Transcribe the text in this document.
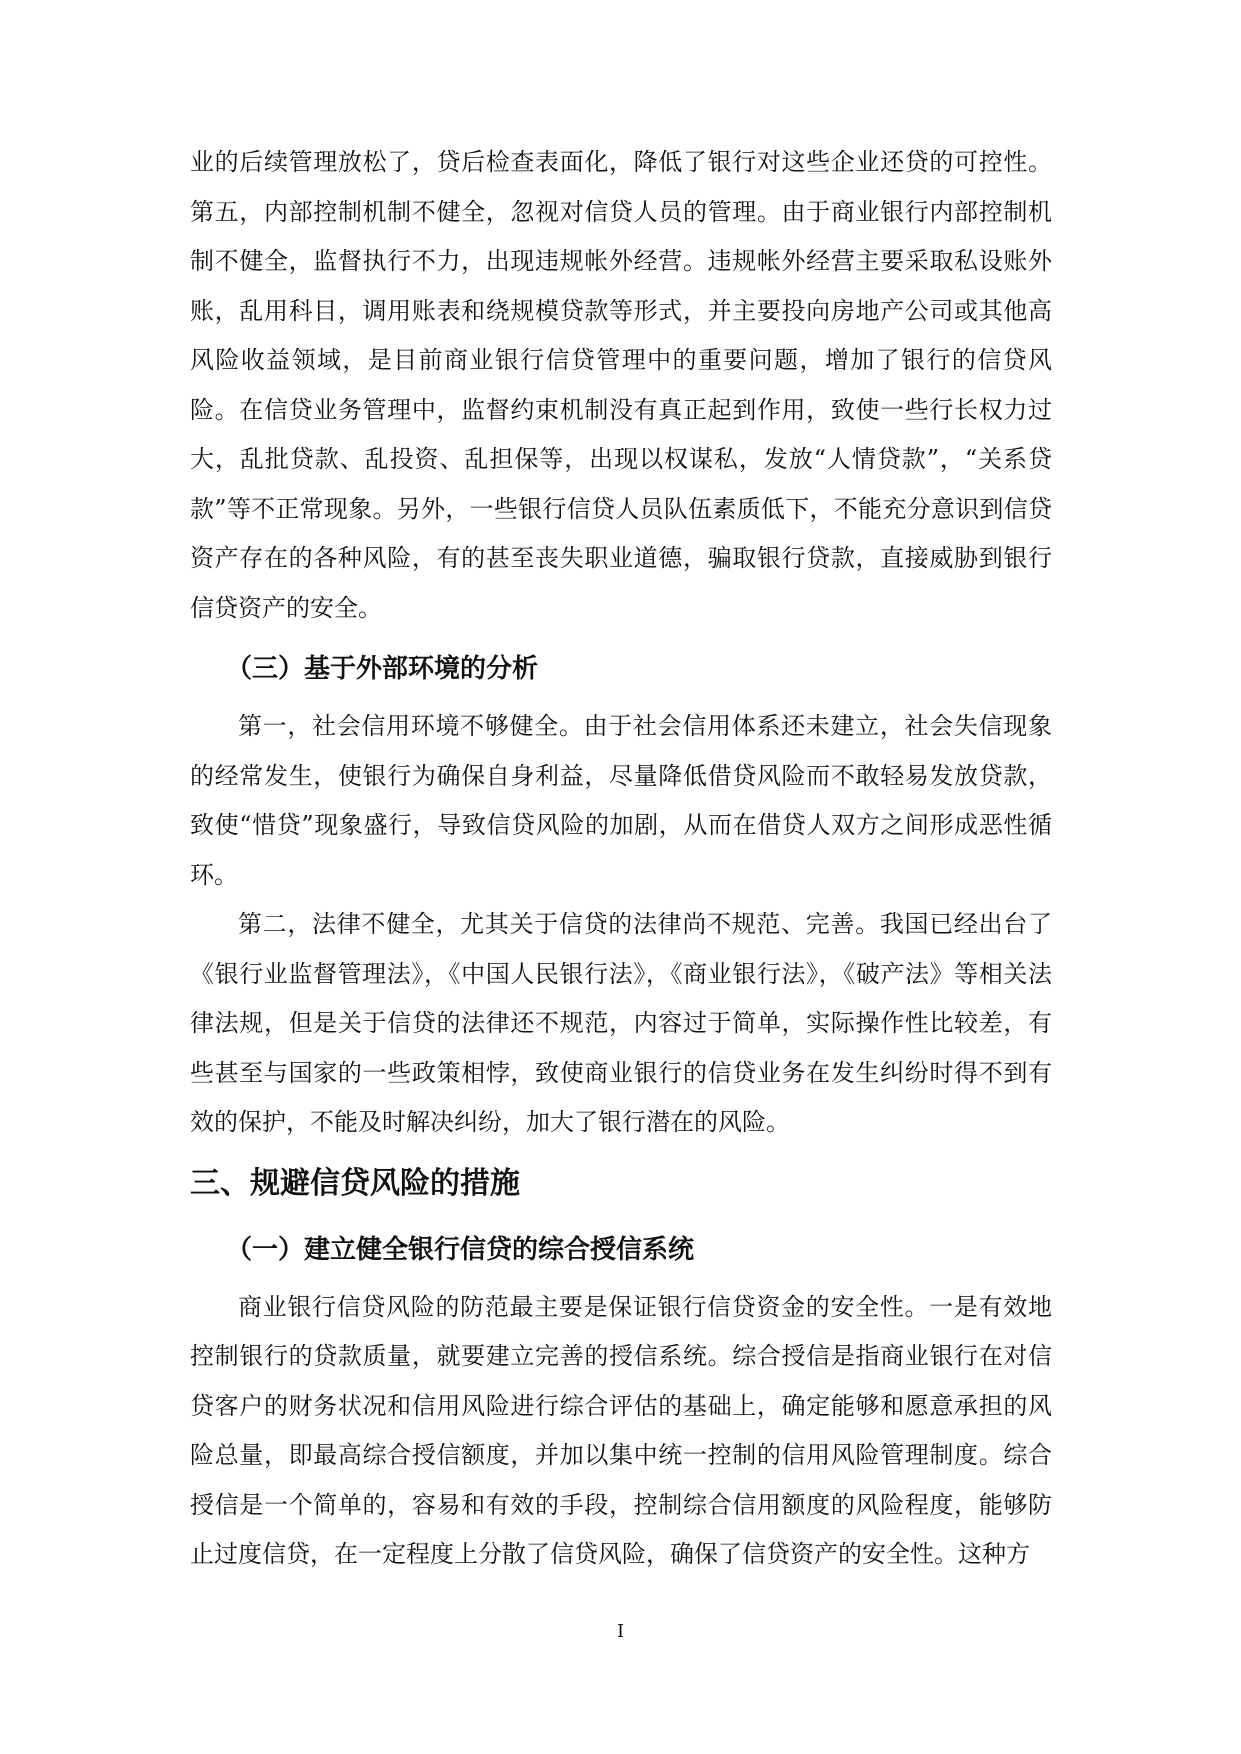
业的后续管理放松了，贷后检查表面化，降低了银行对这些企业还贷的可控性。第五，内部控制机制不健全，忽视对信贷人员的管理。由于商业银行内部控制机制不健全，监督执行不力，出现违规帐外经营。违规帐外经营主要采取私设账外账，乱用科目，调用账表和绕规模贷款等形式，并主要投向房地产公司或其他高风险收益领域，是目前商业银行信贷管理中的重要问题，增加了银行的信贷风险。在信贷业务管理中，监督约束机制没有真正起到作用，致使一些行长权力过大，乱批贷款、乱投资、乱担保等，出现以权谋私，发放“人情贷款”，“关系贷款”等不正常现象。另外，一些银行信贷人员队伍素质低下，不能充分意识到信贷资产存在的各种风险，有的甚至丧失职业道德，骗取银行贷款，直接威胁到银行信贷资产的安全。

（三）基于外部环境的分析

第一，社会信用环境不够健全。由于社会信用体系还未建立，社会失信现象的经常发生，使银行为确保自身利益，尽量降低借贷风险而不敢轻易发放贷款，致使“惜贷”现象盛行，导致信贷风险的加剧，从而在借贷人双方之间形成恶性循环。

第二，法律不健全，尤其关于信贷的法律尚不规范、完善。我国已经出台了《银行业监督管理法》，《中国人民银行法》，《商业银行法》，《破产法》等相关法律法规，但是关于信贷的法律还不规范，内容过于简单，实际操作性比较差，有些甚至与国家的一些政策相悖，致使商业银行的信贷业务在发生纠纷时得不到有效的保护，不能及时解决纠纷，加大了银行潜在的风险。

三、规避信贷风险的措施
（一）建立健全银行信贷的综合授信系统

商业银行信贷风险的防范最主要是保证银行信贷资金的安全性。一是有效地控制银行的贷款质量，就要建立完善的授信系统。综合授信是指商业银行在对信贷客户的财务状况和信用风险进行综合评估的基础上，确定能够和愿意承担的风险总量，即最高综合授信额度，并加以集中统一控制的信用风险管理制度。综合授信是一个简单的，容易和有效的手段，控制综合信用额度的风险程度，能够防止过度信贷，在一定程度上分散了信贷风险，确保了信贷资产的安全性。这种方

I
